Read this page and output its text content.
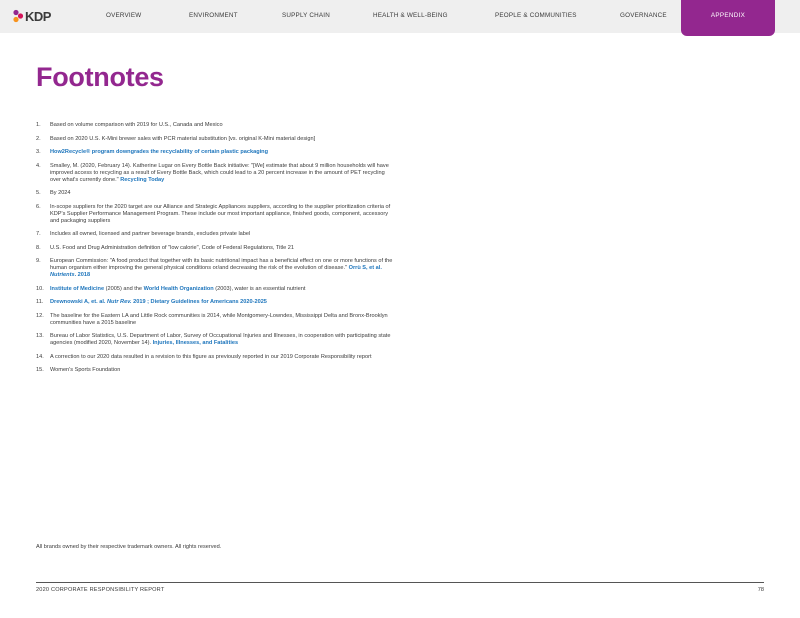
KDP	OVERVIEW	ENVIRONMENT	SUPPLY CHAIN	HEALTH & WELL-BEING	PEOPLE & COMMUNITIES	GOVERNANCE	APPENDIX
Footnotes
1. Based on volume comparison with 2019 for U.S., Canada and Mexico
2. Based on 2020 U.S. K-Mini brewer sales with PCR material substitution [vs. original K-Mini material design]
3. How2Recycle® program downgrades the recyclability of certain plastic packaging
4. Smalley, M. (2020, February 14). Katherine Lugar on Every Bottle Back initiative: "[We] estimate that about 9 million households will have improved access to recycling as a result of Every Bottle Back, which could lead to a 20 percent increase in the amount of PET recycling over what's currently done." Recycling Today
5. By 2024
6. In-scope suppliers for the 2020 target are our Alliance and Strategic Appliances suppliers, according to the supplier prioritization criteria of KDP's Supplier Performance Management Program. These include our most important appliance, finished goods, component, accessory and packaging suppliers
7. Includes all owned, licensed and partner beverage brands, excludes private label
8. U.S. Food and Drug Administration definition of "low calorie", Code of Federal Regulations, Title 21
9. European Commission: "A food product that together with its basic nutritional impact has a beneficial effect on one or more functions of the human organism either improving the general physical conditions or/and decreasing the risk of the evolution of disease." Orrù S, et al. Nutrients. 2018
10. Institute of Medicine (2005) and the World Health Organization (2003), water is an essential nutrient
11. Drewnowski A, et. al. Nutr Rev. 2019 ; Dietary Guidelines for Americans 2020-2025
12. The baseline for the Eastern LA and Little Rock communities is 2014, while Montgomery-Lowndes, Mississippi Delta and Bronx-Brooklyn communities have a 2015 baseline
13. Bureau of Labor Statistics, U.S. Department of Labor, Survey of Occupational Injuries and Illnesses, in cooperation with participating state agencies (modified 2020, November 14). Injuries, Illnesses, and Fatalities
14. A correction to our 2020 data resulted in a revision to this figure as previously reported in our 2019 Corporate Responsibility report
15. Women's Sports Foundation
All brands owned by their respective trademark owners. All rights reserved.
2020 CORPORATE RESPONSIBILITY REPORT	78
